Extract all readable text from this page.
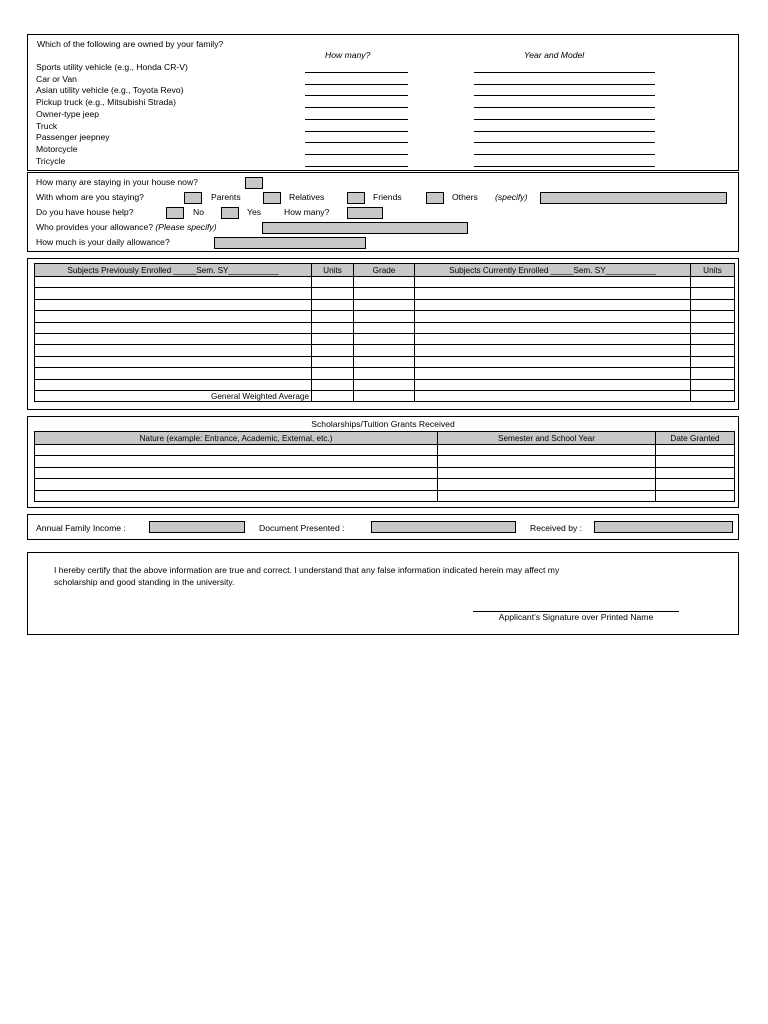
Which of the following are owned by your family?
How many?	Year and Model
Sports utility vehicle (e.g., Honda CR-V)
Car or Van
Asian utility vehicle (e.g., Toyota Revo)
Pickup truck (e.g., Mitsubishi Strada)
Owner-type jeep
Truck
Passenger jeepney
Motorcycle
Tricycle
How many are staying in your house now?
With whom are you staying?	Parents	Relatives	Friends	Others (specify)
Do you have house help?	No	Yes	How many?
Who provides your allowance? (Please specify)
How much is your daily allowance?
Subjects Previously Enrolled _____Sem. SY___________	Units	Grade	Subjects Currently Enrolled _____Sem. SY___________	Units

General Weighted Average				
Scholarships/Tuition Grants Received
Nature (example: Entrance, Academic, External, etc.)	Semester and School Year	Date Granted

Annual Family Income :	Document Presented :	Received by :
I hereby certify that the above information are true and correct. I understand that any false information indicated herein may affect my
scholarship and good standing in the university.
Applicant's Signature over Printed Name
